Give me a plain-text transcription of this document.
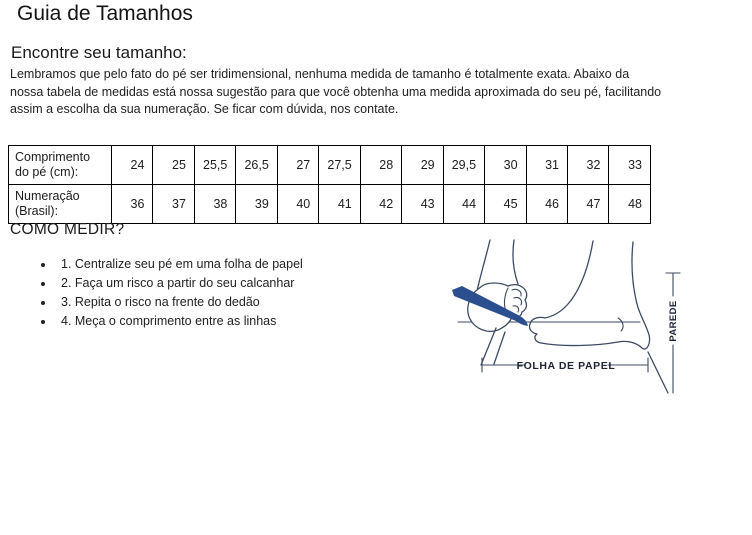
Guia de Tamanhos
Encontre seu tamanho:
Lembramos que pelo fato do pé ser tridimensional, nenhuma medida de tamanho é totalmente exata. Abaixo da
nossa tabela de medidas está nossa sugestão para que você obtenha uma medida aproximada do seu pé, facilitando
assim a escolha da sua numeração. Se ficar com dúvida, nos contate.
Comprimento do pé (cm):	24	25	25,5	26,5	27	27,5	28	29	29,5	30	31	32	33
Numeração (Brasil):	36	37	38	39	40	41	42	43	44	45	46	47	48
COMO MEDIR?
• 1. Centralize seu pé em uma folha de papel
• 2. Faça um risco a partir do seu calcanhar
• 3. Repita o risco na frente do dedão
• 4. Meça o comprimento entre as linhas
FOLHA DE PAPEL
PAREDE
